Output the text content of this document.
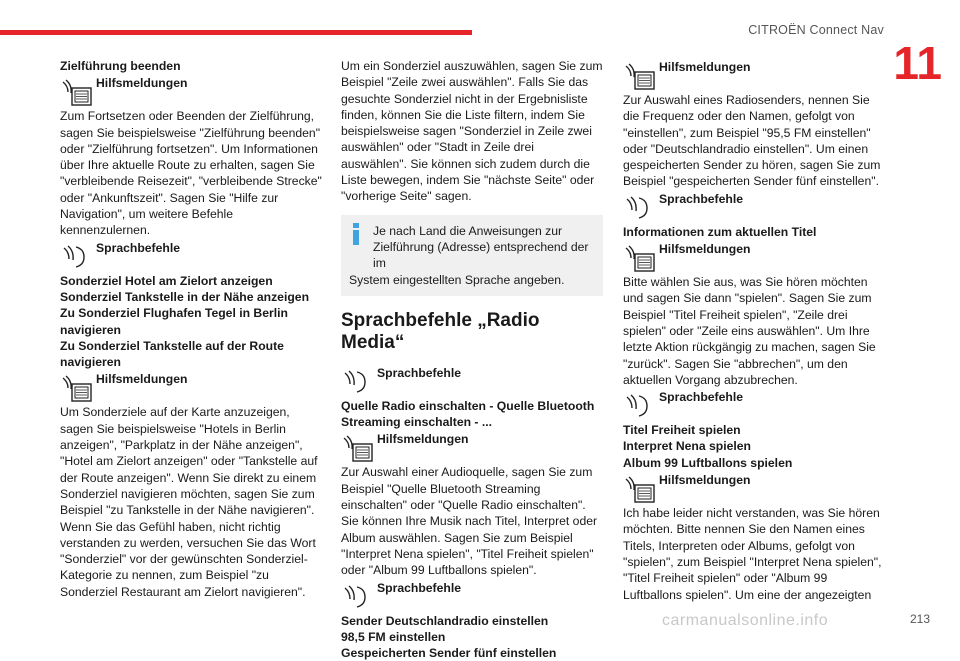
CITROËN Connect Nav
11
Zielführung beenden
Hilfsmeldungen

Zum Fortsetzen oder Beenden der Zielführung, sagen Sie beispielsweise "Zielführung beenden" oder "Zielführung fortsetzen". Um Informationen über Ihre aktuelle Route zu erhalten, sagen Sie "verbleibende Reisezeit", "verbleibende Strecke" oder "Ankunftszeit". Sagen Sie "Hilfe zur Navigation", um weitere Befehle kennenzulernen.

Sprachbefehle
Sonderziel Hotel am Zielort anzeigen
Sonderziel Tankstelle in der Nähe anzeigen
Zu Sonderziel Flughafen Tegel in Berlin navigieren
Zu Sonderziel Tankstelle auf der Route navigieren
Hilfsmeldungen

Um Sonderziele auf der Karte anzuzeigen, sagen Sie beispielsweise "Hotels in Berlin anzeigen", "Parkplatz in der Nähe anzeigen", "Hotel am Zielort anzeigen" oder "Tankstelle auf der Route anzeigen". Wenn Sie direkt zu einem Sonderziel navigieren möchten, sagen Sie zum Beispiel "zu Tankstelle in der Nähe navigieren". Wenn Sie das Gefühl haben, nicht richtig verstanden zu werden, versuchen Sie das Wort "Sonderziel" vor der gewünschten Sonderziel-Kategorie zu nennen, zum Beispiel "zu Sonderziel Restaurant am Zielort navigieren".

Um ein Sonderziel auszuwählen, sagen Sie zum Beispiel "Zeile zwei auswählen". Falls Sie das gesuchte Sonderziel nicht in der Ergebnisliste finden, können Sie die Liste filtern, indem Sie beispielsweise sagen "Sonderziel in Zeile zwei auswählen" oder "Stadt in Zeile drei auswählen". Sie können sich zudem durch die Liste bewegen, indem Sie "nächste Seite" oder "vorherige Seite" sagen.

Je nach Land die Anweisungen zur Zielführung (Adresse) entsprechend der im
System eingestellten Sprache angeben.
Sprachbefehle „Radio Media“
Sprachbefehle
Quelle Radio einschalten - Quelle Bluetooth Streaming einschalten - ...
Hilfsmeldungen

Zur Auswahl einer Audioquelle, sagen Sie zum Beispiel "Quelle Bluetooth Streaming einschalten" oder "Quelle Radio einschalten". Sie können Ihre Musik nach Titel, Interpret oder Album auswählen. Sagen Sie zum Beispiel "Interpret Nena spielen", "Titel Freiheit spielen" oder "Album 99 Luftballons spielen".

Sprachbefehle
Sender Deutschlandradio einstellen
98,5 FM einstellen
Gespeicherten Sender fünf einstellen
Hilfsmeldungen

Zur Auswahl eines Radiosenders, nennen Sie die Frequenz oder den Namen, gefolgt von "einstellen", zum Beispiel "95,5 FM einstellen" oder "Deutschlandradio einstellen". Um einen gespeicherten Sender zu hören, sagen Sie zum Beispiel "gespeicherten Sender fünf einstellen".

Sprachbefehle
Informationen zum aktuellen Titel
Hilfsmeldungen

Bitte wählen Sie aus, was Sie hören möchten und sagen Sie dann "spielen". Sagen Sie zum Beispiel "Titel Freiheit spielen", "Zeile drei spielen" oder "Zeile eins auswählen". Um Ihre letzte Aktion rückgängig zu machen, sagen Sie "zurück". Sagen Sie "abbrechen", um den aktuellen Vorgang abzubrechen.

Sprachbefehle
Titel Freiheit spielen
Interpret Nena spielen
Album 99 Luftballons spielen
Hilfsmeldungen

Ich habe leider nicht verstanden, was Sie hören möchten. Bitte nennen Sie den Namen eines Titels, Interpreten oder Albums, gefolgt von "spielen", zum Beispiel "Interpret Nena spielen", "Titel Freiheit spielen" oder "Album 99 Luftballons spielen". Um eine der angezeigten

carmanualsonline.info	213
